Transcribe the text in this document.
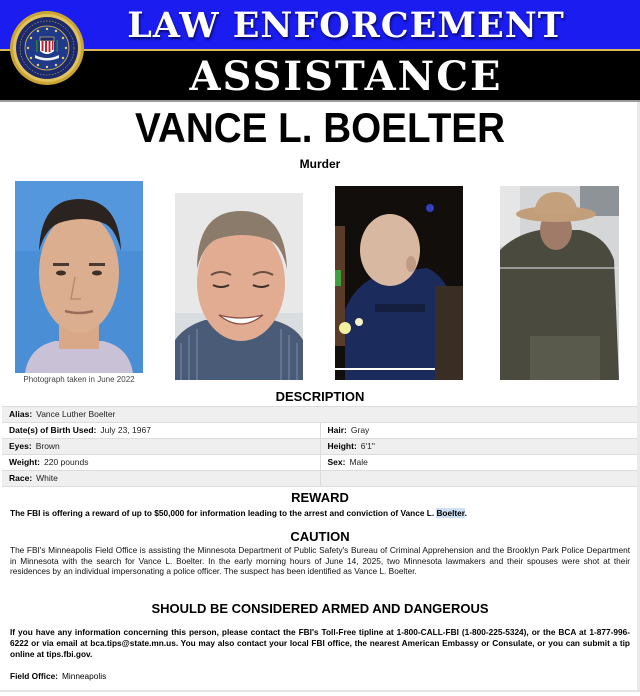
LAW ENFORCEMENT
ASSISTANCE
VANCE L. BOELTER
Murder
Photograph taken in June 2022
DESCRIPTION
Alias: Vance Luther Boelter	
Date(s) of Birth Used: July 23, 1967	Hair: Gray
Eyes: Brown	Height: 6'1"
Weight: 220 pounds	Sex: Male
Race: White	
REWARD
The FBI is offering a reward of up to $50,000 for information leading to the arrest and conviction of Vance L. Boelter.
CAUTION
The FBI's Minneapolis Field Office is assisting the Minnesota Department of Public Safety's Bureau of Criminal Apprehension and the Brooklyn Park Police Department in Minnesota with the search for Vance L. Boelter. In the early morning hours of June 14, 2025, two Minnesota lawmakers and their spouses were shot at their residences by an individual impersonating a police officer. The suspect has been identified as Vance L. Boelter.
SHOULD BE CONSIDERED ARMED AND DANGEROUS
If you have any information concerning this person, please contact the FBI's Toll-Free tipline at 1-800-CALL-FBI (1-800-225-5324), or the BCA at 1-877-996-6222 or via email at bca.tips@state.mn.us. You may also contact your local FBI office, the nearest American Embassy or Consulate, or you can submit a tip online at tips.fbi.gov.
Field Office: Minneapolis
